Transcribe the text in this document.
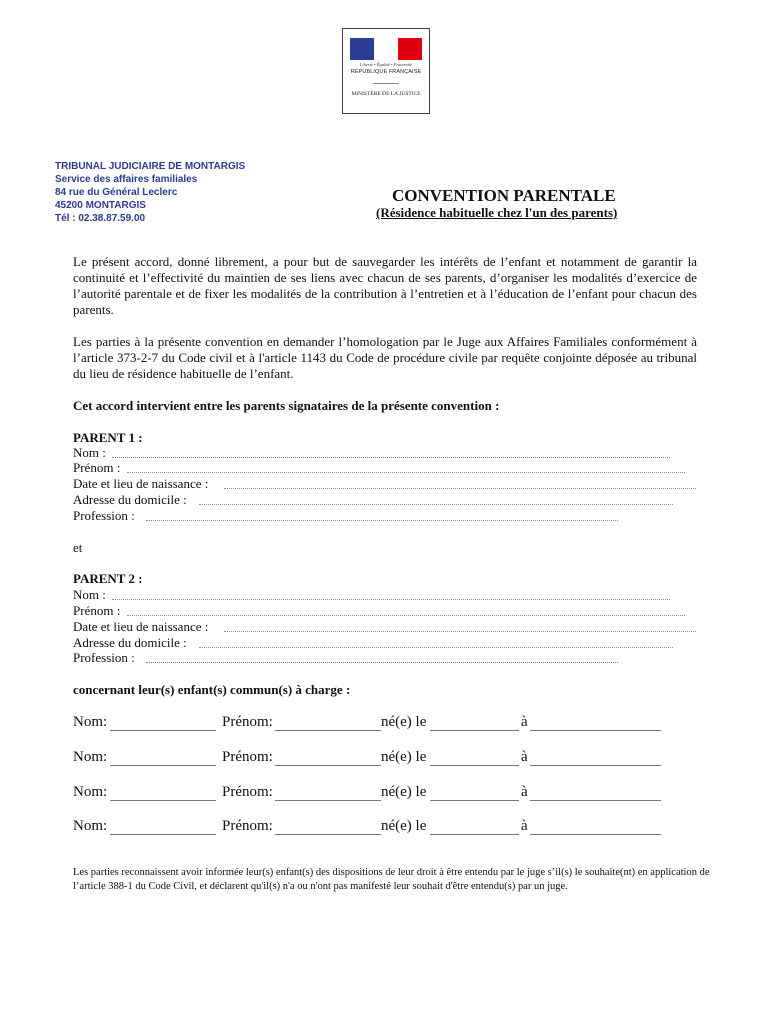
Liberté • Égalité • Fraternité
RÉPUBLIQUE FRANÇAISE
MINISTÈRE DE LA JUSTICE
TRIBUNAL JUDICIAIRE DE MONTARGIS
Service des affaires familiales
84 rue du Général Leclerc
45200 MONTARGIS
Tél : 02.38.87.59.00
CONVENTION PARENTALE
(Résidence habituelle chez l'un des parents)
Le présent accord, donné librement, a pour but de sauvegarder les intérêts de l’enfant et notamment de garantir la continuité et l’effectivité du maintien de ses liens avec chacun de ses parents, d’organiser les modalités d’exercice de l’autorité parentale et de fixer les modalités de la contribution à l’entretien et à l’éducation de l’enfant pour chacun des parents.
Les parties à la présente convention en demander l’homologation par le Juge aux Affaires Familiales conformément à l’article 373-2-7 du Code civil et à l'article 1143 du Code de procédure civile par requête conjointe déposée au tribunal du lieu de résidence habituelle de l’enfant.
Cet accord intervient entre les parents signataires de la présente convention :
PARENT 1 :
Nom :
Prénom :
Date et lieu de naissance :
Adresse du domicile :
Profession :
et
PARENT 2 :
Nom :
Prénom :
Date et lieu de naissance :
Adresse du domicile :
Profession :
concernant leur(s) enfant(s) commun(s) à charge :
Nom:	Prénom:	né(e) le	à
Nom:	Prénom:	né(e) le	à
Nom:	Prénom:	né(e) le	à
Nom:	Prénom:	né(e) le	à
Les parties reconnaissent avoir informée leur(s) enfant(s) des dispositions de leur droit à être entendu par le juge s’il(s) le souhaite(nt) en application de l’article 388-1 du Code Civil, et déclarent qu'il(s) n'a ou n'ont pas manifesté leur souhait d'être entendu(s) par un juge.
